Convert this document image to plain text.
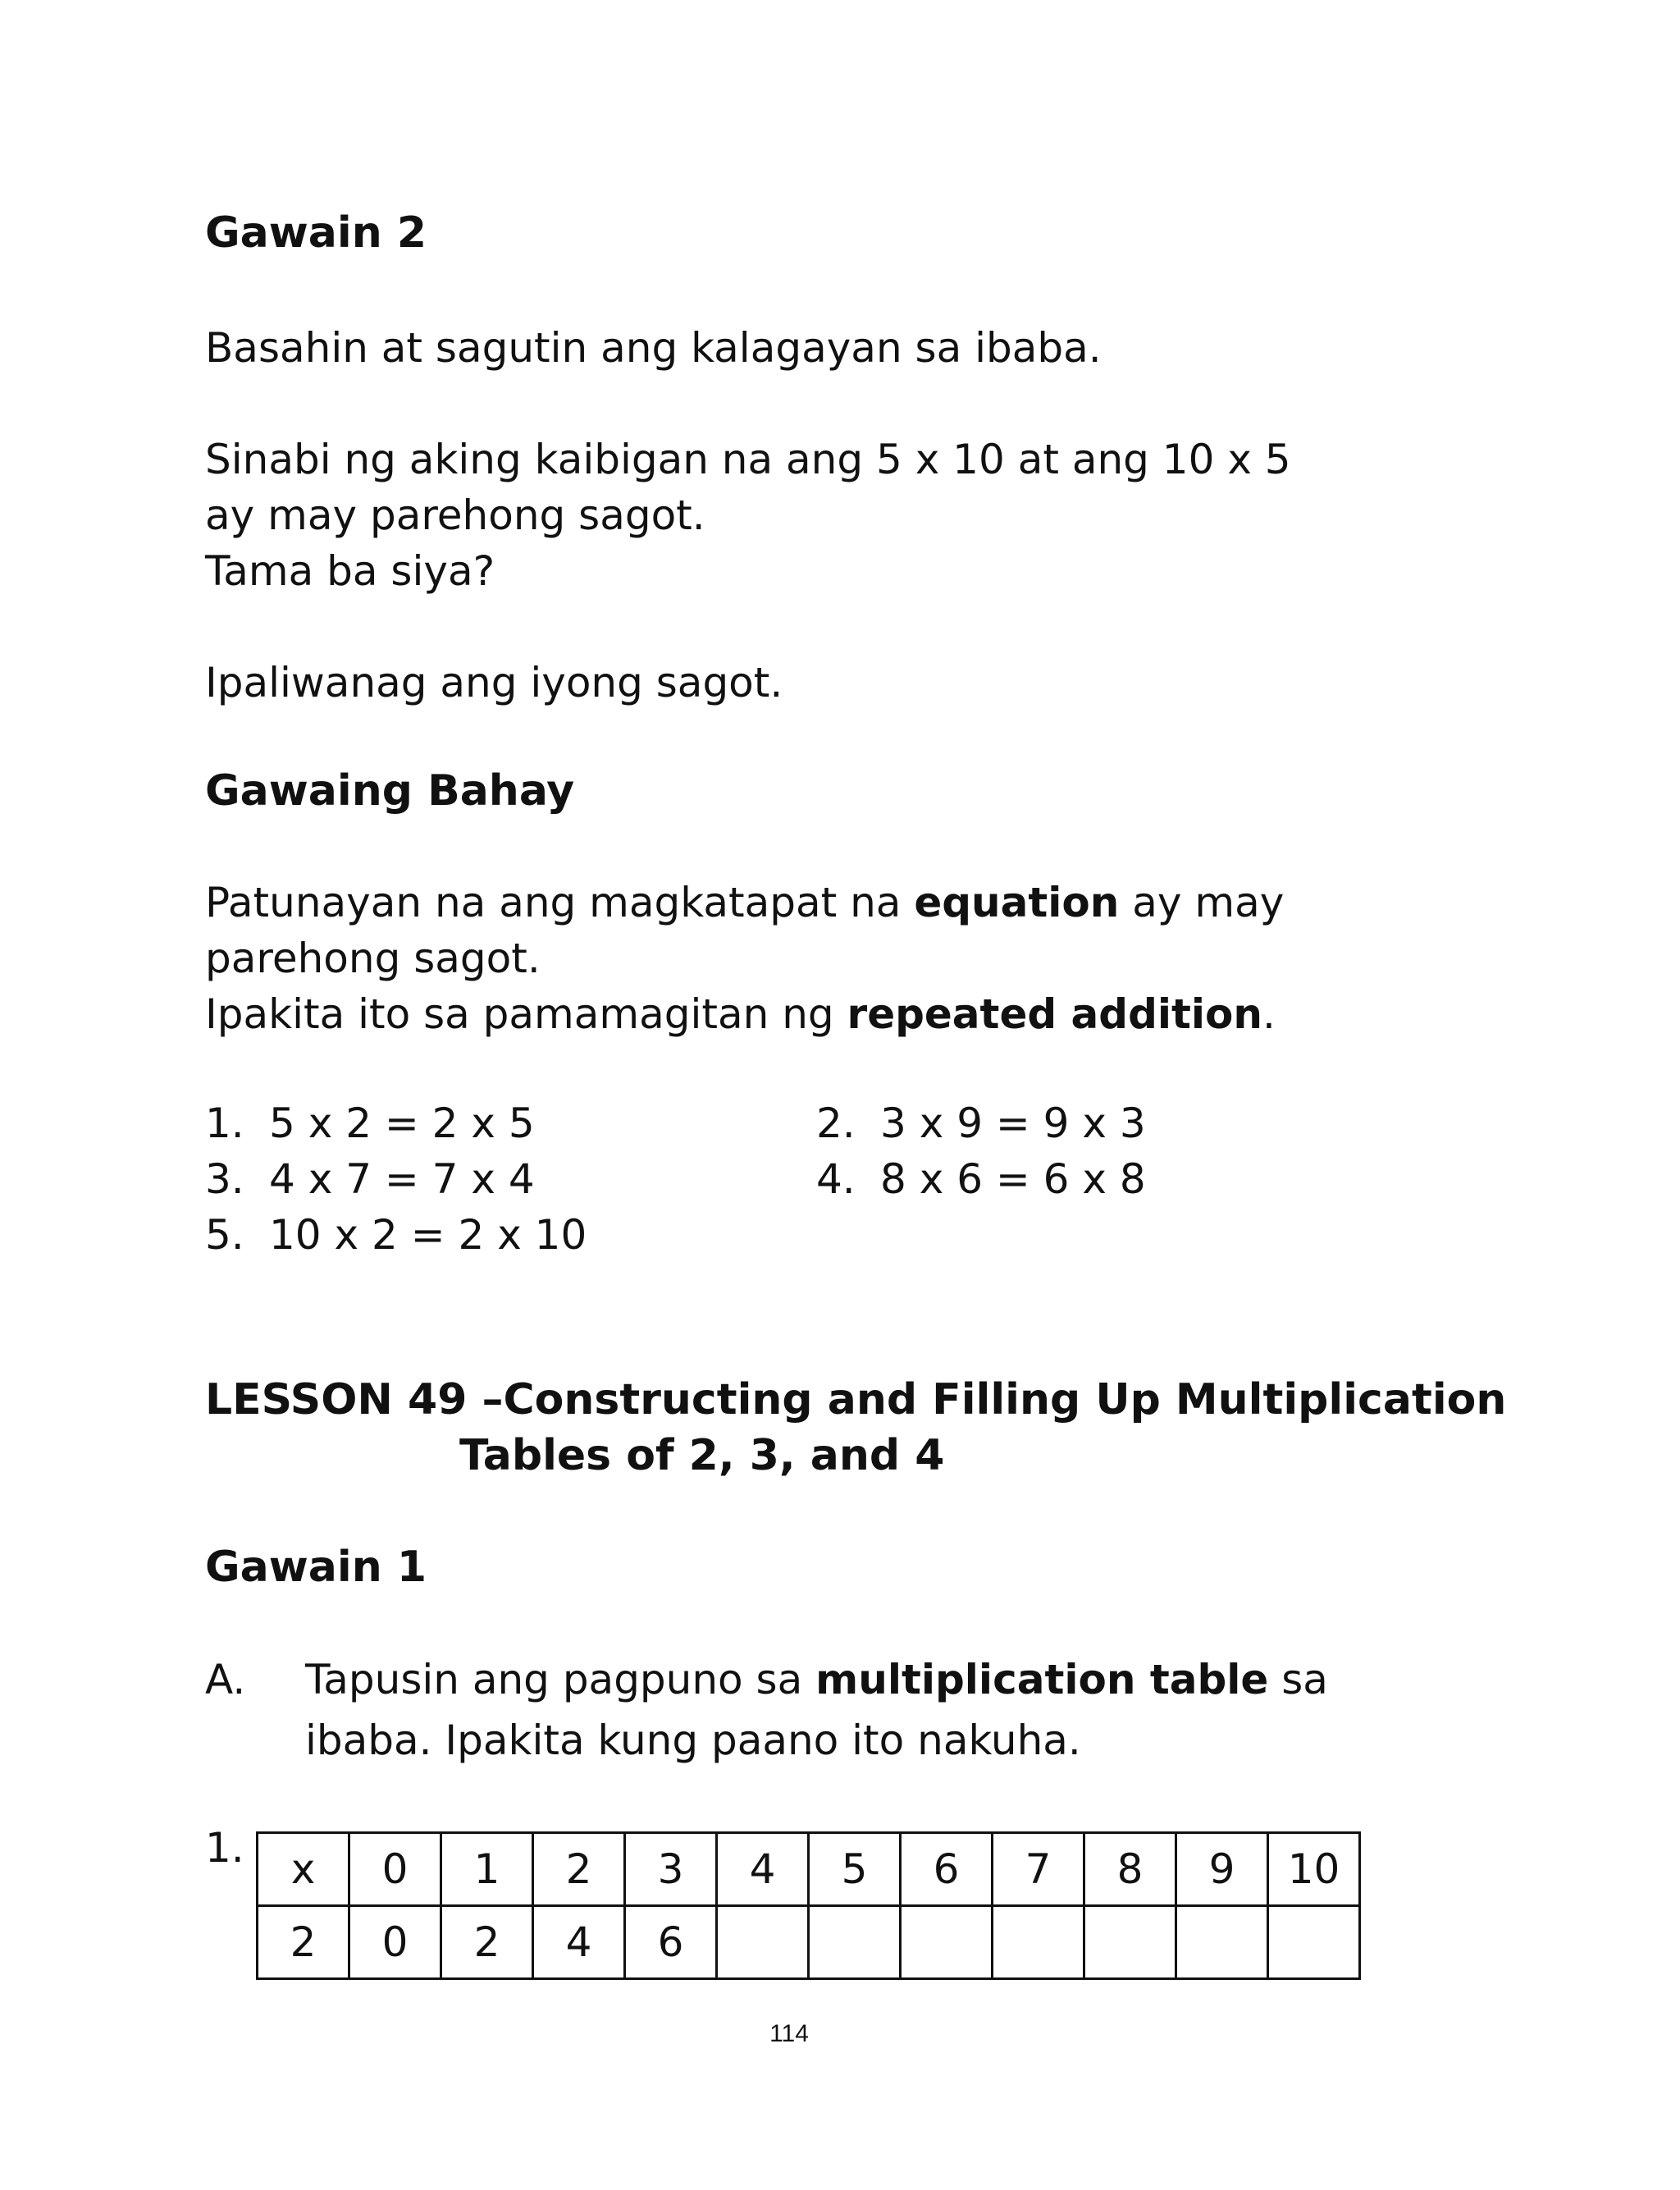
Gawain 2
Basahin at sagutin ang kalagayan sa ibaba.
Sinabi ng aking kaibigan na ang 5 x 10 at ang 10 x 5
ay may parehong sagot.
Tama ba siya?
Ipaliwanag ang iyong sagot.
Gawaing Bahay
Patunayan na ang magkatapat na equation ay may
parehong sagot.
Ipakita ito sa pamamagitan ng repeated addition.
1. 5 x 2 = 2 x 5	2. 3 x 9 = 9 x 3
3. 4 x 7 = 7 x 4	4. 8 x 6 = 6 x 8
5. 10 x 2 = 2 x 10
LESSON 49 –Constructing and Filling Up Multiplication
Tables of 2, 3, and 4
Gawain 1
A. Tapusin ang pagpuno sa multiplication table sa
ibaba. Ipakita kung paano ito nakuha.
1. x	0	1	2	3	4	5	6	7	8	9	10
2	0	2	4	6							
114
